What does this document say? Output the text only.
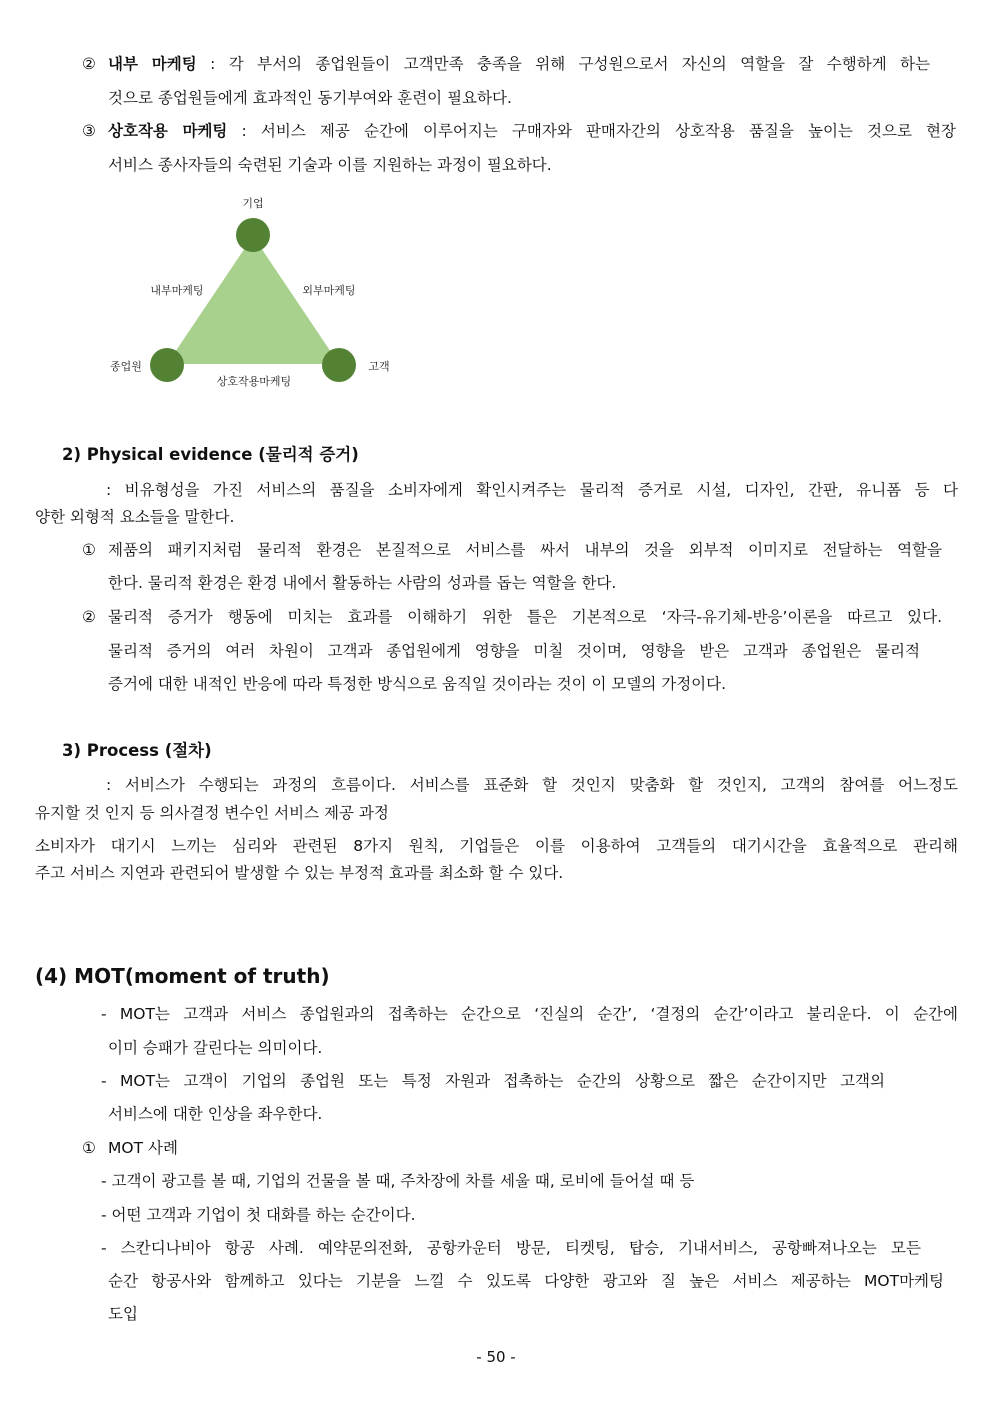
② 내부 마케팅 : 각 부서의 종업원들이 고객만족 충족을 위해 구성원으로서 자신의 역할을 잘 수행하게 하는
것으로 종업원들에게 효과적인 동기부여와 훈련이 필요하다.
③ 상호작용 마케팅 : 서비스 제공 순간에 이루어지는 구매자와 판매자간의 상호작용 품질을 높이는 것으로 현장
서비스 종사자들의 숙련된 기술과 이를 지원하는 과정이 필요하다.
기업
종업원	고객
내부마케팅	외부마케팅
상호작용마케팅
2) Physical evidence (물리적 증거)
: 비유형성을 가진 서비스의 품질을 소비자에게 확인시켜주는 물리적 증거로 시설, 디자인, 간판, 유니폼 등 다
양한 외형적 요소들을 말한다.
① 제품의 패키지처럼 물리적 환경은 본질적으로 서비스를 싸서 내부의 것을 외부적 이미지로 전달하는 역할을
한다. 물리적 환경은 환경 내에서 활동하는 사람의 성과를 돕는 역할을 한다.
② 물리적 증거가 행동에 미치는 효과를 이해하기 위한 틀은 기본적으로 ‘자극-유기체-반응’이론을 따르고 있다.
물리적 증거의 여러 차원이 고객과 종업원에게 영향을 미칠 것이며, 영향을 받은 고객과 종업원은 물리적
증거에 대한 내적인 반응에 따라 특정한 방식으로 움직일 것이라는 것이 이 모델의 가정이다.
3) Process (절차)
: 서비스가 수행되는 과정의 흐름이다. 서비스를 표준화 할 것인지 맞춤화 할 것인지, 고객의 참여를 어느정도
유지할 것 인지 등 의사결정 변수인 서비스 제공 과정
소비자가 대기시 느끼는 심리와 관련된 8가지 원칙, 기업들은 이를 이용하여 고객들의 대기시간을 효율적으로 관리해
주고 서비스 지연과 관련되어 발생할 수 있는 부정적 효과를 최소화 할 수 있다.
(4) MOT(moment of truth)
- MOT는 고객과 서비스 종업원과의 접촉하는 순간으로 ‘진실의 순간’, ‘결정의 순간’이라고 불리운다. 이 순간에
이미 승패가 갈린다는 의미이다.
- MOT는 고객이 기업의 종업원 또는 특정 자원과 접촉하는 순간의 상황으로 짧은 순간이지만 고객의
서비스에 대한 인상을 좌우한다.
① MOT 사례
- 고객이 광고를 볼 때, 기업의 건물을 볼 때, 주차장에 차를 세울 때, 로비에 들어설 때 등
- 어떤 고객과 기업이 첫 대화를 하는 순간이다.
- 스칸디나비아 항공 사례. 예약문의전화, 공항카운터 방문, 티켓팅, 탑승, 기내서비스, 공항빠져나오는 모든
순간 항공사와 함께하고 있다는 기분을 느낄 수 있도록 다양한 광고와 질 높은 서비스 제공하는 MOT마케팅
도입
- 50 -
